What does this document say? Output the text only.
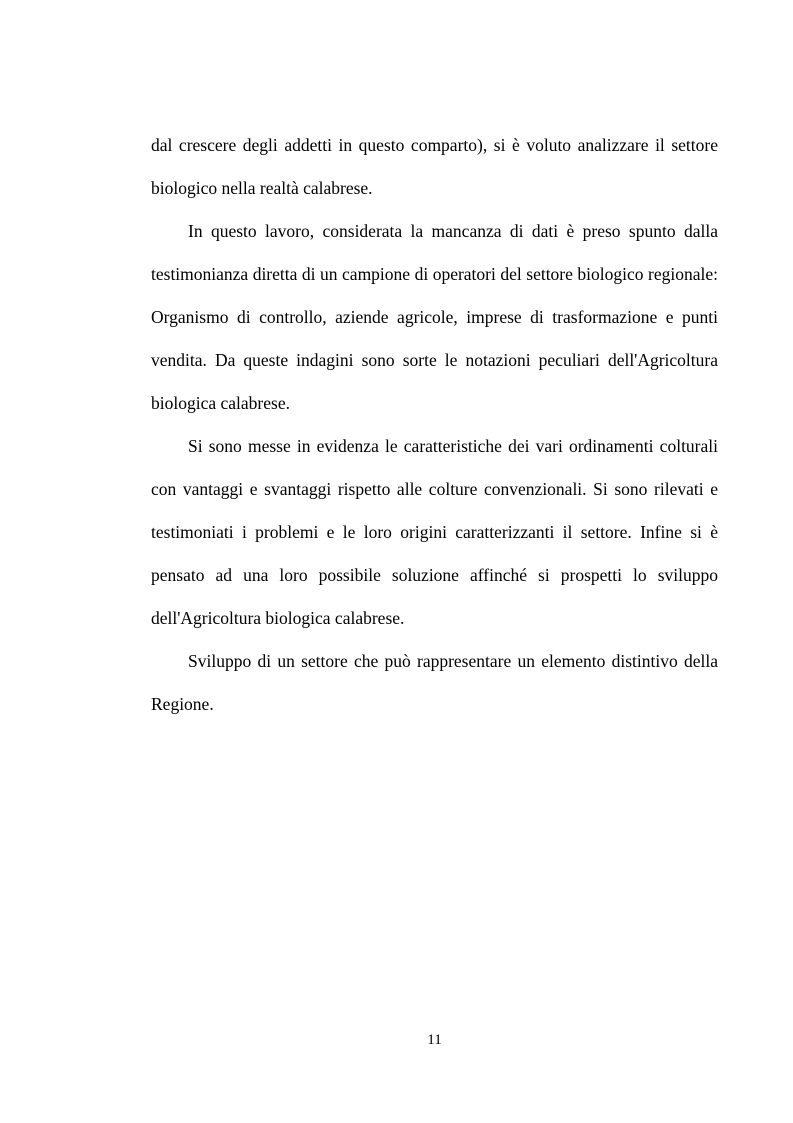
dal crescere degli addetti in questo comparto), si è voluto analizzare il settore biologico nella realtà calabrese.

In questo lavoro, considerata la mancanza di dati è preso spunto dalla testimonianza diretta di un campione di operatori del settore biologico regionale: Organismo di controllo, aziende agricole, imprese di trasformazione e punti vendita. Da queste indagini sono sorte le notazioni peculiari dell'Agricoltura biologica calabrese.

Si sono messe in evidenza le caratteristiche dei vari ordinamenti colturali con vantaggi e svantaggi rispetto alle colture convenzionali. Si sono rilevati e testimoniati i problemi e le loro origini caratterizzanti il settore. Infine si è pensato ad una loro possibile soluzione affinché si prospetti lo sviluppo dell'Agricoltura biologica calabrese.

Sviluppo di un settore che può rappresentare un elemento distintivo della Regione.

11
